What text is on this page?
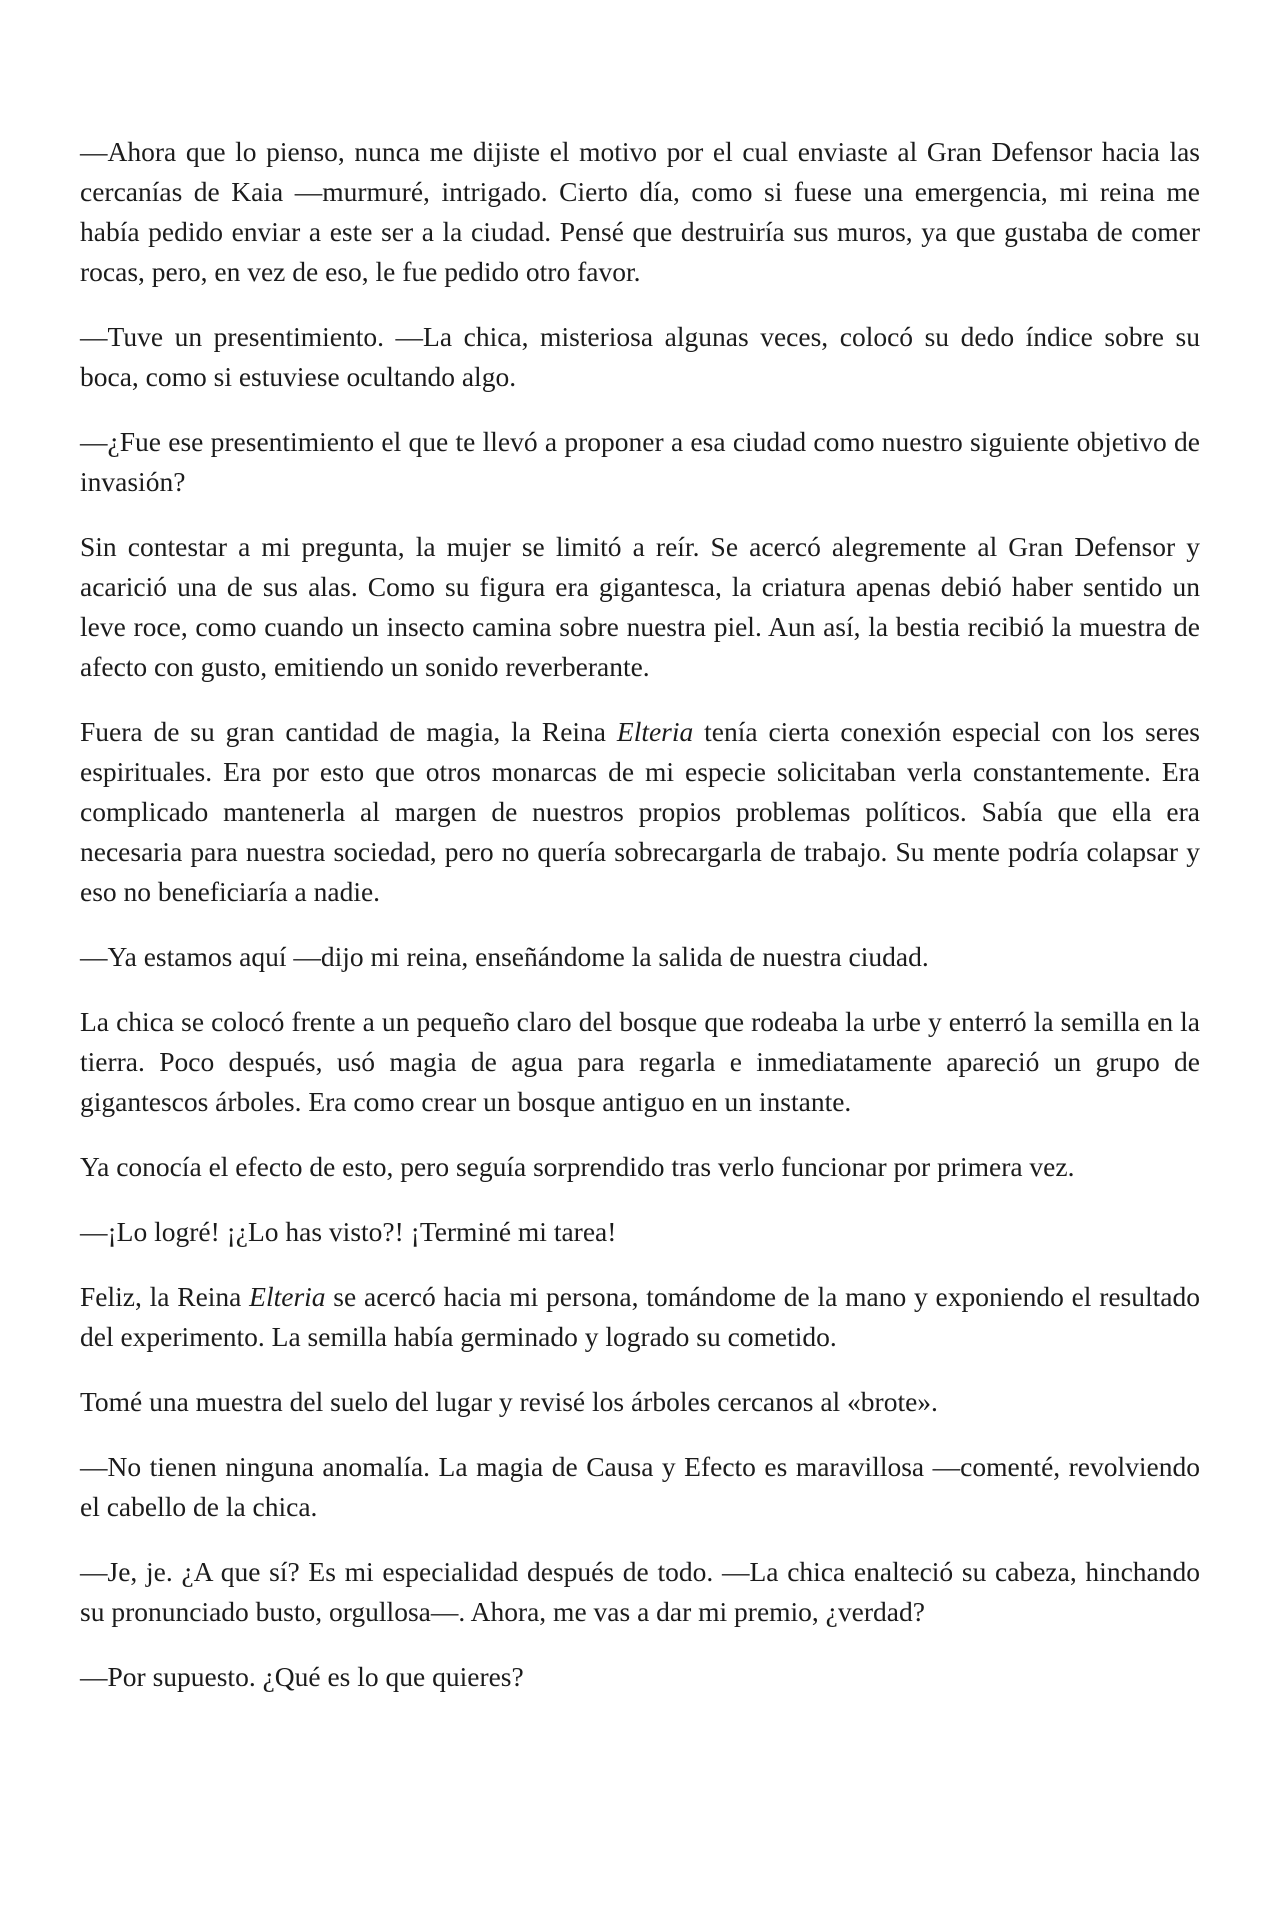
—Ahora que lo pienso, nunca me dijiste el motivo por el cual enviaste al Gran Defensor hacia las cercanías de Kaia —murmuré, intrigado. Cierto día, como si fuese una emergencia, mi reina me había pedido enviar a este ser a la ciudad. Pensé que destruiría sus muros, ya que gustaba de comer rocas, pero, en vez de eso, le fue pedido otro favor.

—Tuve un presentimiento. —La chica, misteriosa algunas veces, colocó su dedo índice sobre su boca, como si estuviese ocultando algo.

—¿Fue ese presentimiento el que te llevó a proponer a esa ciudad como nuestro siguiente objetivo de invasión?

Sin contestar a mi pregunta, la mujer se limitó a reír. Se acercó alegremente al Gran Defensor y acarició una de sus alas. Como su figura era gigantesca, la criatura apenas debió haber sentido un leve roce, como cuando un insecto camina sobre nuestra piel. Aun así, la bestia recibió la muestra de afecto con gusto, emitiendo un sonido reverberante.

Fuera de su gran cantidad de magia, la Reina Elteria tenía cierta conexión especial con los seres espirituales. Era por esto que otros monarcas de mi especie solicitaban verla constantemente. Era complicado mantenerla al margen de nuestros propios problemas políticos. Sabía que ella era necesaria para nuestra sociedad, pero no quería sobrecargarla de trabajo. Su mente podría colapsar y eso no beneficiaría a nadie.

—Ya estamos aquí —dijo mi reina, enseñándome la salida de nuestra ciudad.

La chica se colocó frente a un pequeño claro del bosque que rodeaba la urbe y enterró la semilla en la tierra. Poco después, usó magia de agua para regarla e inmediatamente apareció un grupo de gigantescos árboles. Era como crear un bosque antiguo en un instante.

Ya conocía el efecto de esto, pero seguía sorprendido tras verlo funcionar por primera vez.

—¡Lo logré! ¡¿Lo has visto?! ¡Terminé mi tarea!

Feliz, la Reina Elteria se acercó hacia mi persona, tomándome de la mano y exponiendo el resultado del experimento. La semilla había germinado y logrado su cometido.

Tomé una muestra del suelo del lugar y revisé los árboles cercanos al «brote».

—No tienen ninguna anomalía. La magia de Causa y Efecto es maravillosa —comenté, revolviendo el cabello de la chica.

—Je, je. ¿A que sí? Es mi especialidad después de todo. —La chica enalteció su cabeza, hinchando su pronunciado busto, orgullosa—. Ahora, me vas a dar mi premio, ¿verdad?

—Por supuesto. ¿Qué es lo que quieres?
